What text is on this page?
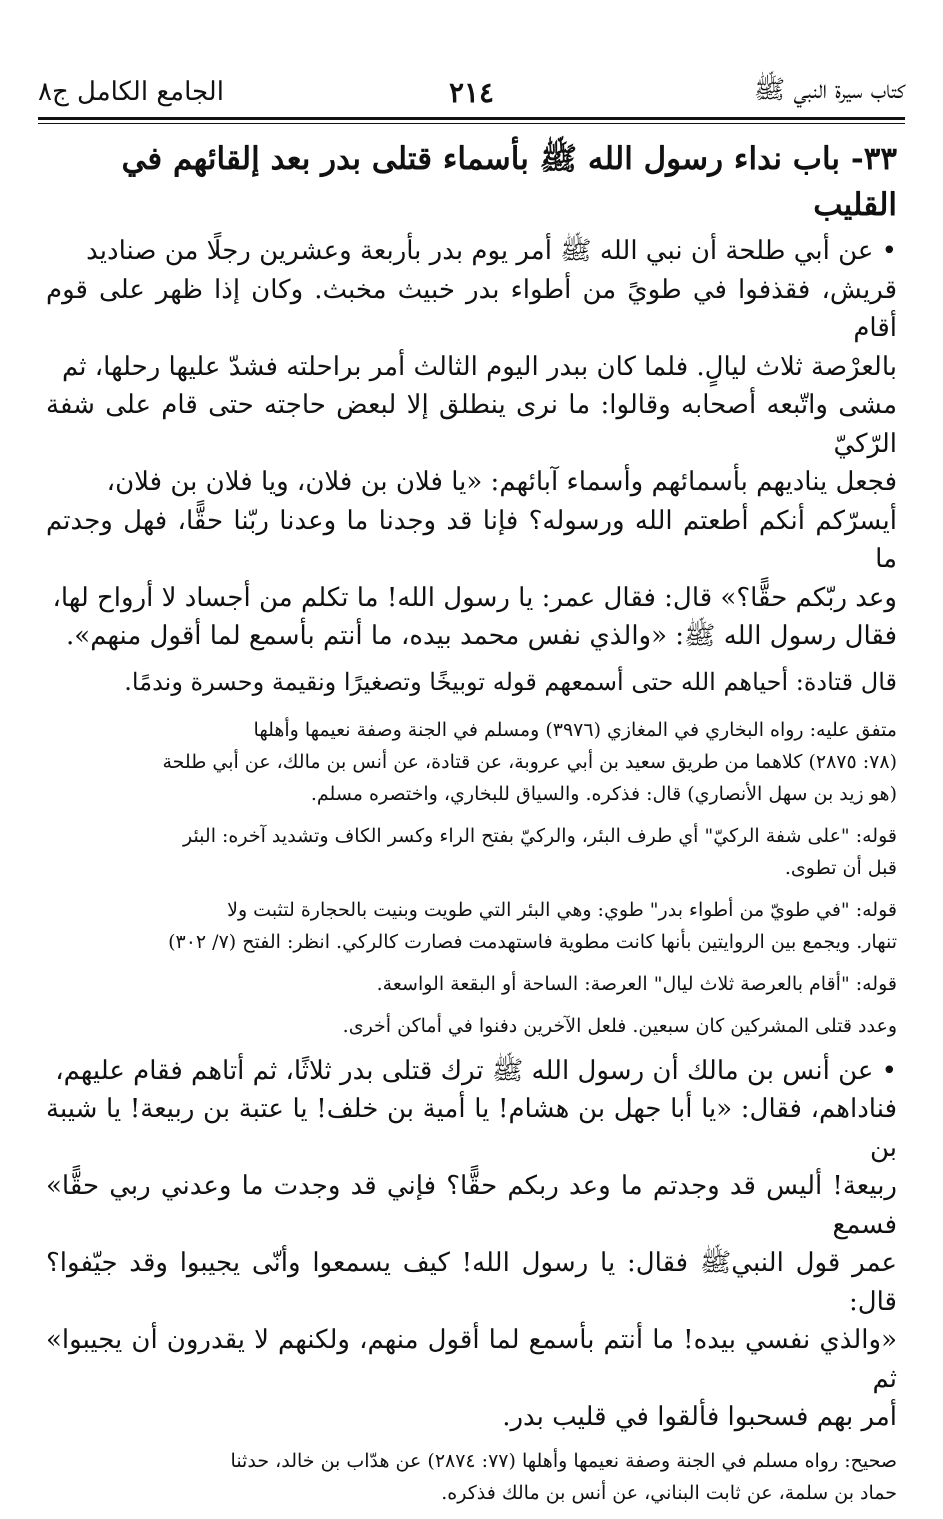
كتاب سيرة النبي ﷺ
٢١٤
الجامع الكامل ج٨
٣٣- باب نداء رسول الله ﷺ بأسماء قتلى بدر بعد إلقائهم في القليب
• عن أبي طلحة أن نبي الله ﷺ أمر يوم بدر بأربعة وعشرين رجلًا من صناديد
قريش، فقذفوا في طويً من أطواء بدر خبيث مخبث. وكان إذا ظهر على قوم أقام
بالعرْصة ثلاث ليالٍ. فلما كان ببدر اليوم الثالث أمر براحلته فشدّ عليها رحلها، ثم
مشى واتّبعه أصحابه وقالوا: ما نرى ينطلق إلا لبعض حاجته حتى قام على شفة الرّكيّ
فجعل يناديهم بأسمائهم وأسماء آبائهم: «يا فلان بن فلان، ويا فلان بن فلان،
أيسرّكم أنكم أطعتم الله ورسوله؟ فإنا قد وجدنا ما وعدنا ربّنا حقًّا، فهل وجدتم ما
وعد ربّكم حقًّا؟» قال: فقال عمر: يا رسول الله! ما تكلم من أجساد لا أرواح لها،
فقال رسول الله ﷺ: «والذي نفس محمد بيده، ما أنتم بأسمع لما أقول منهم».
قال قتادة: أحياهم الله حتى أسمعهم قوله توبيخًا وتصغيرًا ونقيمة وحسرة وندمًا.
متفق عليه: رواه البخاري في المغازي (٣٩٧٦) ومسلم في الجنة وصفة نعيمها وأهلها
(٧٨: ٢٨٧٥) كلاهما من طريق سعيد بن أبي عروبة، عن قتادة، عن أنس بن مالك، عن أبي طلحة
(هو زيد بن سهل الأنصاري) قال: فذكره. والسياق للبخاري، واختصره مسلم.
قوله: "على شفة الركيّ" أي طرف البئر، والركيّ بفتح الراء وكسر الكاف وتشديد آخره: البئر
قبل أن تطوى.
قوله: "في طويّ من أطواء بدر" طوي: وهي البئر التي طويت وبنيت بالحجارة لتثبت ولا
تنهار. ويجمع بين الروايتين بأنها كانت مطوية فاستهدمت فصارت كالركي. انظر: الفتح (٧/ ٣٠٢)
قوله: "أقام بالعرصة ثلاث ليال" العرصة: الساحة أو البقعة الواسعة.
وعدد قتلى المشركين كان سبعين. فلعل الآخرين دفنوا في أماكن أخرى.
• عن أنس بن مالك أن رسول الله ﷺ ترك قتلى بدر ثلاثًا، ثم أتاهم فقام عليهم،
فناداهم، فقال: «يا أبا جهل بن هشام! يا أمية بن خلف! يا عتبة بن ربيعة! يا شيبة بن
ربيعة! أليس قد وجدتم ما وعد ربكم حقًّا؟ فإني قد وجدت ما وعدني ربي حقًّا» فسمع
عمر قول النبيﷺ فقال: يا رسول الله! كيف يسمعوا وأنّى يجيبوا وقد جيّفوا؟ قال:
«والذي نفسي بيده! ما أنتم بأسمع لما أقول منهم، ولكنهم لا يقدرون أن يجيبوا» ثم
أمر بهم فسحبوا فألقوا في قليب بدر.
صحيح: رواه مسلم في الجنة وصفة نعيمها وأهلها (٧٧: ٢٨٧٤) عن هدّاب بن خالد، حدثنا
حماد بن سلمة، عن ثابت البناني، عن أنس بن مالك فذكره.
